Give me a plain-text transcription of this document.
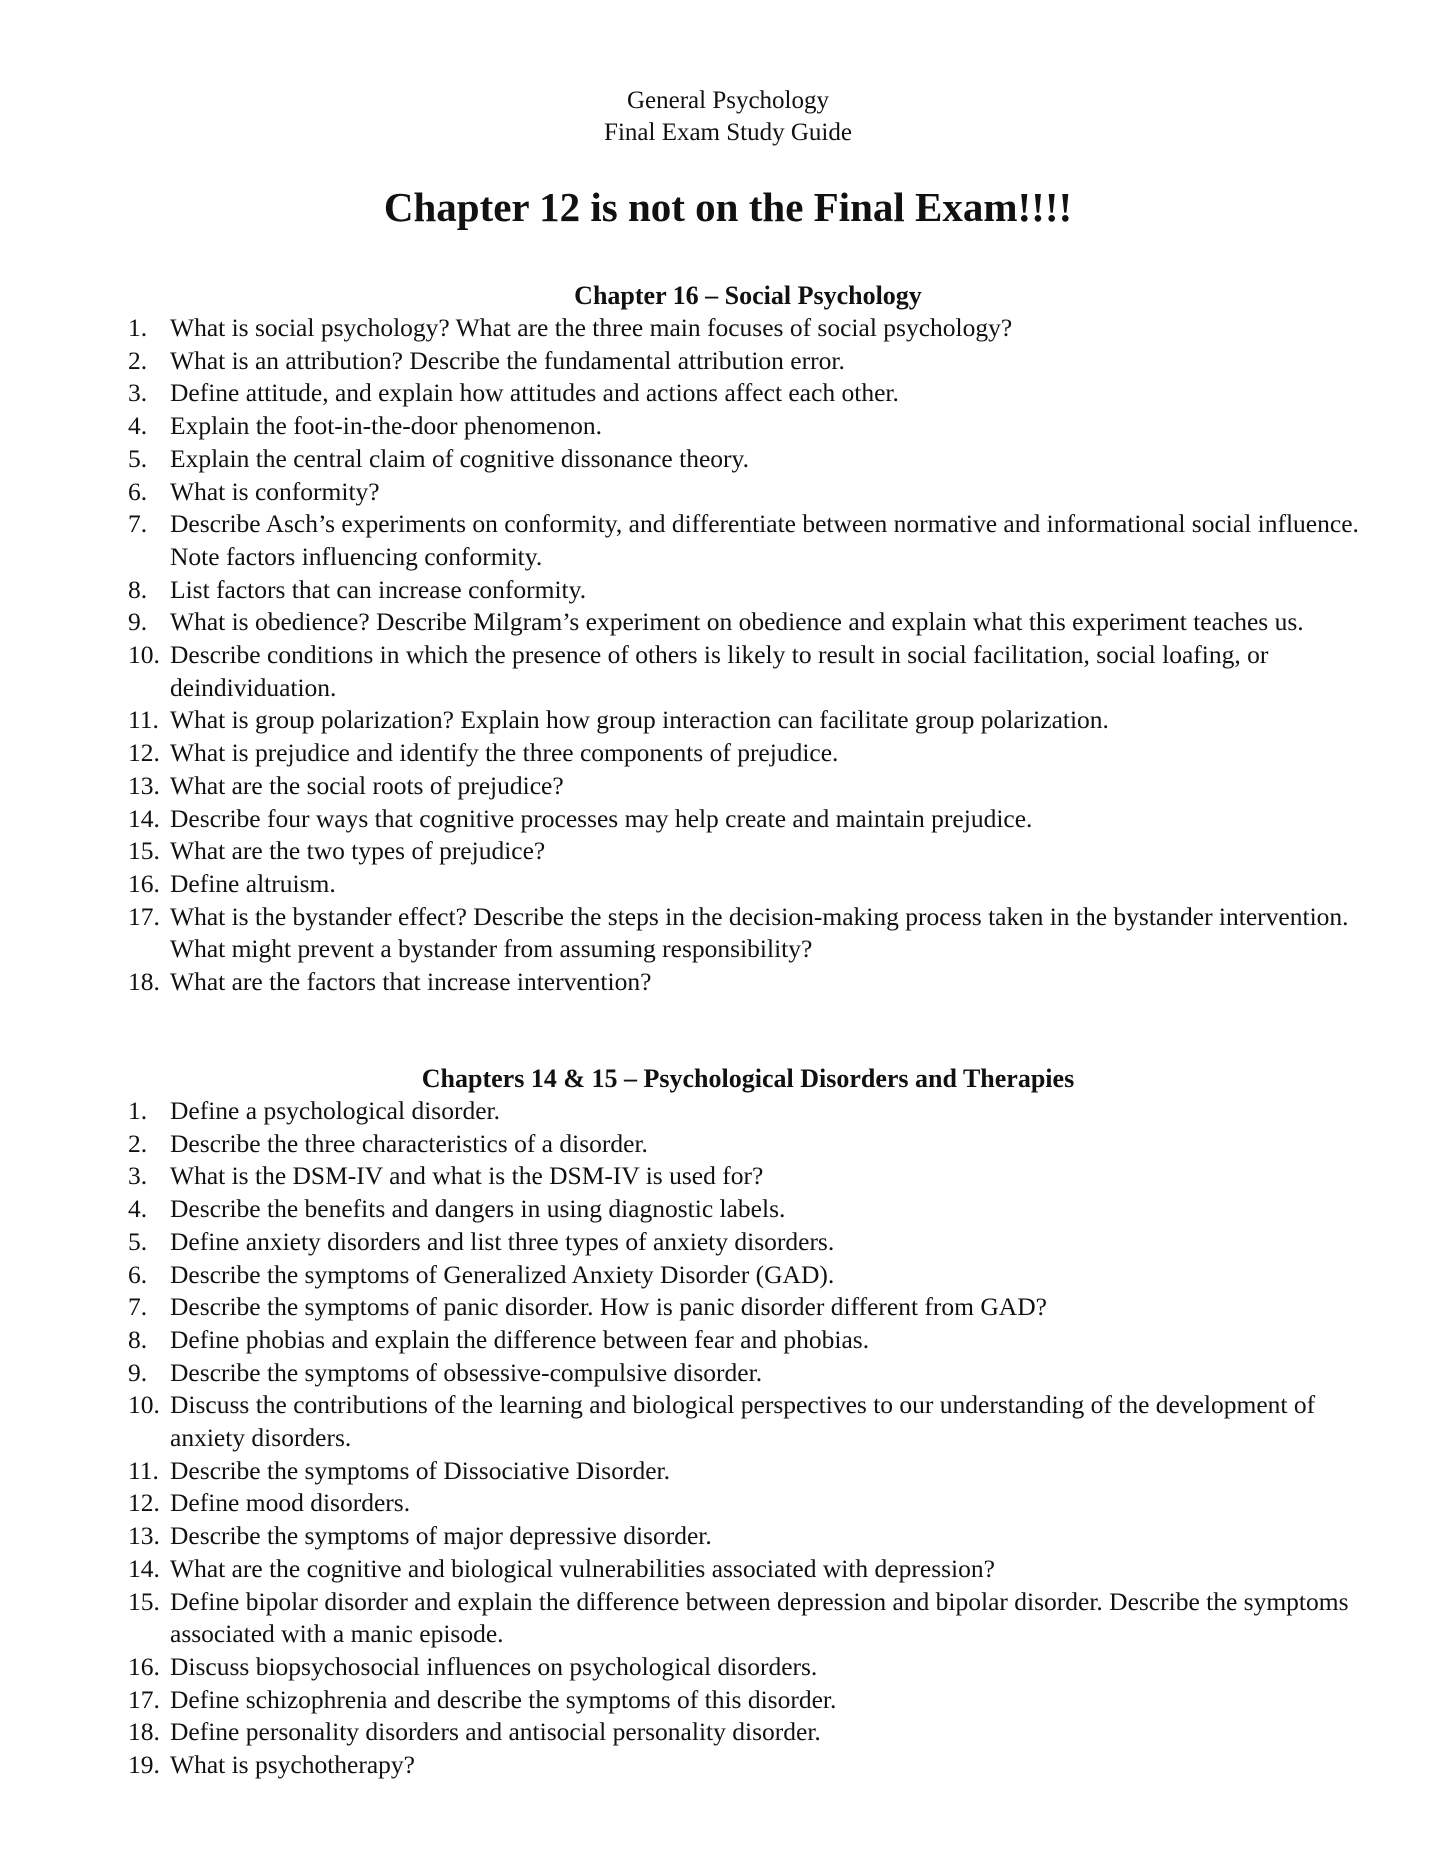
General Psychology
Final Exam Study Guide
Chapter 12 is not on the Final Exam!!!!
Chapter 16 – Social Psychology
1. What is social psychology? What are the three main focuses of social psychology?
2. What is an attribution? Describe the fundamental attribution error.
3. Define attitude, and explain how attitudes and actions affect each other.
4. Explain the foot-in-the-door phenomenon.
5. Explain the central claim of cognitive dissonance theory.
6. What is conformity?
7. Describe Asch’s experiments on conformity, and differentiate between normative and informational social influence. Note factors influencing conformity.
8. List factors that can increase conformity.
9. What is obedience? Describe Milgram’s experiment on obedience and explain what this experiment teaches us.
10. Describe conditions in which the presence of others is likely to result in social facilitation, social loafing, or deindividuation.
11. What is group polarization? Explain how group interaction can facilitate group polarization.
12. What is prejudice and identify the three components of prejudice.
13. What are the social roots of prejudice?
14. Describe four ways that cognitive processes may help create and maintain prejudice.
15. What are the two types of prejudice?
16. Define altruism.
17. What is the bystander effect? Describe the steps in the decision-making process taken in the bystander intervention. What might prevent a bystander from assuming responsibility?
18. What are the factors that increase intervention?
Chapters 14 & 15 – Psychological Disorders and Therapies
1. Define a psychological disorder.
2. Describe the three characteristics of a disorder.
3. What is the DSM-IV and what is the DSM-IV is used for?
4. Describe the benefits and dangers in using diagnostic labels.
5. Define anxiety disorders and list three types of anxiety disorders.
6. Describe the symptoms of Generalized Anxiety Disorder (GAD).
7. Describe the symptoms of panic disorder. How is panic disorder different from GAD?
8. Define phobias and explain the difference between fear and phobias.
9. Describe the symptoms of obsessive-compulsive disorder.
10. Discuss the contributions of the learning and biological perspectives to our understanding of the development of anxiety disorders.
11. Describe the symptoms of Dissociative Disorder.
12. Define mood disorders.
13. Describe the symptoms of major depressive disorder.
14. What are the cognitive and biological vulnerabilities associated with depression?
15. Define bipolar disorder and explain the difference between depression and bipolar disorder. Describe the symptoms associated with a manic episode.
16. Discuss biopsychosocial influences on psychological disorders.
17. Define schizophrenia and describe the symptoms of this disorder.
18. Define personality disorders and antisocial personality disorder.
19. What is psychotherapy?
